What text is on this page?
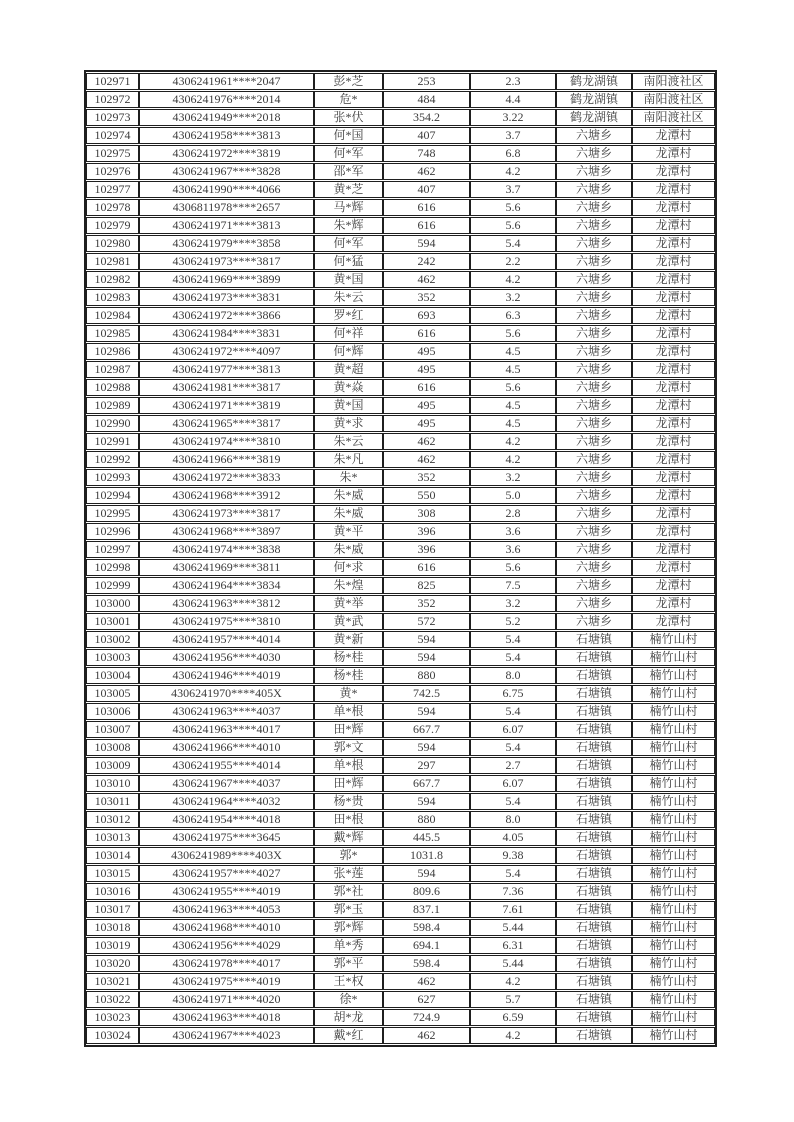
102971	4306241961****2047	彭*芝	253	2.3	鹤龙湖镇	南阳渡社区
102972	4306241976****2014	危*	484	4.4	鹤龙湖镇	南阳渡社区
102973	4306241949****2018	张*伏	354.2	3.22	鹤龙湖镇	南阳渡社区
102974	4306241958****3813	何*国	407	3.7	六塘乡	龙潭村
102975	4306241972****3819	何*军	748	6.8	六塘乡	龙潭村
102976	4306241967****3828	邵*军	462	4.2	六塘乡	龙潭村
102977	4306241990****4066	黄*芝	407	3.7	六塘乡	龙潭村
102978	4306811978****2657	马*辉	616	5.6	六塘乡	龙潭村
102979	4306241971****3813	朱*辉	616	5.6	六塘乡	龙潭村
102980	4306241979****3858	何*军	594	5.4	六塘乡	龙潭村
102981	4306241973****3817	何*猛	242	2.2	六塘乡	龙潭村
102982	4306241969****3899	黄*国	462	4.2	六塘乡	龙潭村
102983	4306241973****3831	朱*云	352	3.2	六塘乡	龙潭村
102984	4306241972****3866	罗*红	693	6.3	六塘乡	龙潭村
102985	4306241984****3831	何*祥	616	5.6	六塘乡	龙潭村
102986	4306241972****4097	何*辉	495	4.5	六塘乡	龙潭村
102987	4306241977****3813	黄*超	495	4.5	六塘乡	龙潭村
102988	4306241981****3817	黄*焱	616	5.6	六塘乡	龙潭村
102989	4306241971****3819	黄*国	495	4.5	六塘乡	龙潭村
102990	4306241965****3817	黄*求	495	4.5	六塘乡	龙潭村
102991	4306241974****3810	朱*云	462	4.2	六塘乡	龙潭村
102992	4306241966****3819	朱*凡	462	4.2	六塘乡	龙潭村
102993	4306241972****3833	朱*	352	3.2	六塘乡	龙潭村
102994	4306241968****3912	朱*威	550	5.0	六塘乡	龙潭村
102995	4306241973****3817	朱*威	308	2.8	六塘乡	龙潭村
102996	4306241968****3897	黄*平	396	3.6	六塘乡	龙潭村
102997	4306241974****3838	朱*威	396	3.6	六塘乡	龙潭村
102998	4306241969****3811	何*求	616	5.6	六塘乡	龙潭村
102999	4306241964****3834	朱*煌	825	7.5	六塘乡	龙潭村
103000	4306241963****3812	黄*举	352	3.2	六塘乡	龙潭村
103001	4306241975****3810	黄*武	572	5.2	六塘乡	龙潭村
103002	4306241957****4014	黄*新	594	5.4	石塘镇	楠竹山村
103003	4306241956****4030	杨*桂	594	5.4	石塘镇	楠竹山村
103004	4306241946****4019	杨*桂	880	8.0	石塘镇	楠竹山村
103005	4306241970****405X	黄*	742.5	6.75	石塘镇	楠竹山村
103006	4306241963****4037	单*根	594	5.4	石塘镇	楠竹山村
103007	4306241963****4017	田*辉	667.7	6.07	石塘镇	楠竹山村
103008	4306241966****4010	郭*文	594	5.4	石塘镇	楠竹山村
103009	4306241955****4014	单*根	297	2.7	石塘镇	楠竹山村
103010	4306241967****4037	田*辉	667.7	6.07	石塘镇	楠竹山村
103011	4306241964****4032	杨*贵	594	5.4	石塘镇	楠竹山村
103012	4306241954****4018	田*根	880	8.0	石塘镇	楠竹山村
103013	4306241975****3645	戴*辉	445.5	4.05	石塘镇	楠竹山村
103014	4306241989****403X	郭*	1031.8	9.38	石塘镇	楠竹山村
103015	4306241957****4027	张*莲	594	5.4	石塘镇	楠竹山村
103016	4306241955****4019	郭*社	809.6	7.36	石塘镇	楠竹山村
103017	4306241963****4053	郭*玉	837.1	7.61	石塘镇	楠竹山村
103018	4306241968****4010	郭*辉	598.4	5.44	石塘镇	楠竹山村
103019	4306241956****4029	单*秀	694.1	6.31	石塘镇	楠竹山村
103020	4306241978****4017	郭*平	598.4	5.44	石塘镇	楠竹山村
103021	4306241975****4019	王*权	462	4.2	石塘镇	楠竹山村
103022	4306241971****4020	徐*	627	5.7	石塘镇	楠竹山村
103023	4306241963****4018	胡*龙	724.9	6.59	石塘镇	楠竹山村
103024	4306241967****4023	戴*红	462	4.2	石塘镇	楠竹山村
